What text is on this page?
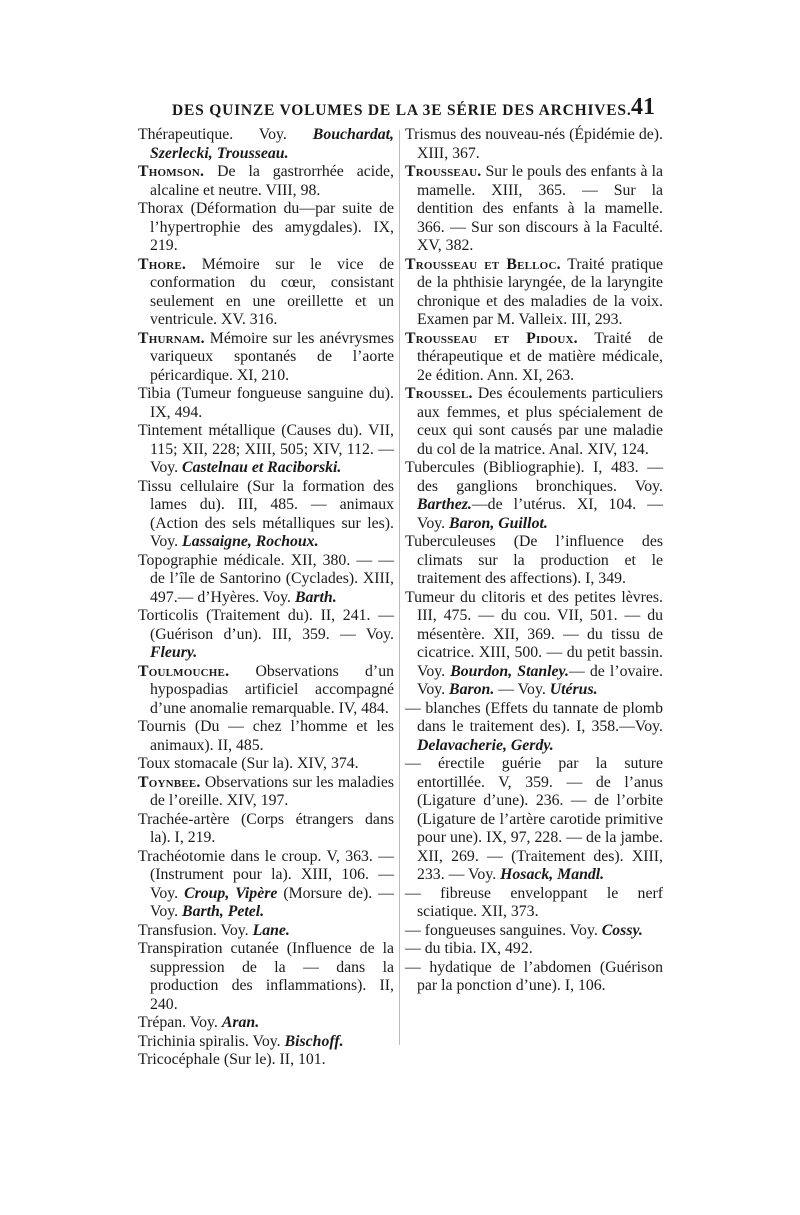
DES QUINZE VOLUMES DE LA 3E SÉRIE DES ARCHIVES. 41

Thérapeutique. Voy. Bouchardat, Szerlecki, Trousseau.

Thomson. De la gastrorrhée acide, alcaline et neutre. VIII, 98.

Thorax (Déformation du—par suite de l’hypertrophie des amygdales). IX, 219.

Thore. Mémoire sur le vice de conformation du cœur, consistant seulement en une oreillette et un ventricule. XV. 316.

Thurnam. Mémoire sur les anévrysmes variqueux spontanés de l’aorte péricardique. XI, 210.

Tibia (Tumeur fongueuse sanguine du). IX, 494.

Tintement métallique (Causes du). VII, 115; XII, 228; XIII, 505; XIV, 112. — Voy. Castelnau et Raciborski.

Tissu cellulaire (Sur la formation des lames du). III, 485. — animaux (Action des sels métalliques sur les). Voy. Lassaigne, Rochoux.

Topographie médicale. XII, 380. — — de l’île de Santorino (Cyclades). XIII, 497.— d’Hyères. Voy. Barth.

Torticolis (Traitement du). II, 241. — (Guérison d’un). III, 359. — Voy. Fleury.

Toulmouche. Observations d’un hypospadias artificiel accompagné d’une anomalie remarquable. IV, 484.

Tournis (Du — chez l’homme et les animaux). II, 485.

Toux stomacale (Sur la). XIV, 374.

Toynbee. Observations sur les maladies de l’oreille. XIV, 197.

Trachée-artère (Corps étrangers dans la). I, 219.

Trachéotomie dans le croup. V, 363. — (Instrument pour la). XIII, 106. — Voy. Croup, Vipère (Morsure de). — Voy. Barth, Petel.

Transfusion. Voy. Lane.

Transpiration cutanée (Influence de la suppression de la — dans la production des inflammations). II, 240.

Trépan. Voy. Aran.

Trichinia spiralis. Voy. Bischoff.

Tricocéphale (Sur le). II, 101.

Trismus des nouveau-nés (Épidémie de). XIII, 367.

Trousseau. Sur le pouls des enfants à la mamelle. XIII, 365. — Sur la dentition des enfants à la mamelle. 366. — Sur son discours à la Faculté. XV, 382.

Trousseau et Belloc. Traité pratique de la phthisie laryngée, de la laryngite chronique et des maladies de la voix. Examen par M. Valleix. III, 293.

Trousseau et Pidoux. Traité de thérapeutique et de matière médicale, 2e édition. Ann. XI, 263.

Troussel. Des écoulements particuliers aux femmes, et plus spécialement de ceux qui sont causés par une maladie du col de la matrice. Anal. XIV, 124.

Tubercules (Bibliographie). I, 483. — des ganglions bronchiques. Voy. Barthez.—de l’utérus. XI, 104. — Voy. Baron, Guillot.

Tuberculeuses (De l’influence des climats sur la production et le traitement des affections). I, 349.

Tumeur du clitoris et des petites lèvres. III, 475. — du cou. VII, 501. — du mésentère. XII, 369. — du tissu de cicatrice. XIII, 500. — du petit bassin. Voy. Bourdon, Stanley.— de l’ovaire. Voy. Baron. — Voy. Utérus.

— blanches (Effets du tannate de plomb dans le traitement des). I, 358.—Voy. Delavacherie, Gerdy.

— érectile guérie par la suture entortillée. V, 359. — de l’anus (Ligature d’une). 236. — de l’orbite (Ligature de l’artère carotide primitive pour une). IX, 97, 228. — de la jambe. XII, 269. — (Traitement des). XIII, 233. — Voy. Hosack, Mandl.

— fibreuse enveloppant le nerf sciatique. XII, 373.

— fongueuses sanguines. Voy. Cossy.

— du tibia. IX, 492.

— hydatique de l’abdomen (Guérison par la ponction d’une). I, 106.
